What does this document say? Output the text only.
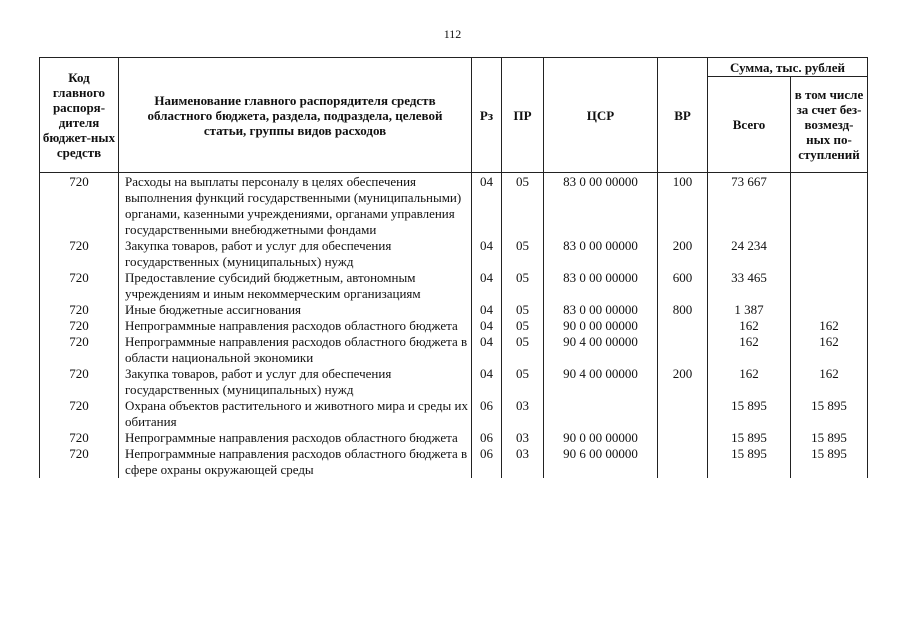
112
Код главного распоря-дителя бюджет-ных средств	Наименование главного распорядителя средств областного бюджета, раздела, подраздела, целевой статьи, группы видов расходов	Рз	ПР	ЦСР	ВР	Сумма, тыс. рублей	
						Всего	в том числе за счет без-возмезд-ных по-ступлений
720	Расходы на выплаты персоналу в целях обеспечения выполнения функций государственными (муниципальными) органами, казенными учреждениями, органами управления государственными внебюджетными фондами	04	05	83 0 00 00000	100	73 667	
720	Закупка товаров, работ и услуг для обеспечения государственных (муниципальных) нужд	04	05	83 0 00 00000	200	24 234	
720	Предоставление субсидий бюджетным, автономным учреждениям и иным некоммерческим организациям	04	05	83 0 00 00000	600	33 465	
720	Иные бюджетные ассигнования	04	05	83 0 00 00000	800	1 387	
720	Непрограммные направления расходов областного бюджета	04	05	90 0 00 00000		162	162
720	Непрограммные направления расходов областного бюджета в области национальной экономики	04	05	90 4 00 00000		162	162
720	Закупка товаров, работ и услуг для обеспечения государственных (муниципальных) нужд	04	05	90 4 00 00000	200	162	162
720	Охрана объектов растительного и животного мира и среды их обитания	06	03			15 895	15 895
720	Непрограммные направления расходов областного бюджета	06	03	90 0 00 00000		15 895	15 895
720	Непрограммные направления расходов областного бюджета в сфере охраны окружающей среды	06	03	90 6 00 00000		15 895	15 895
